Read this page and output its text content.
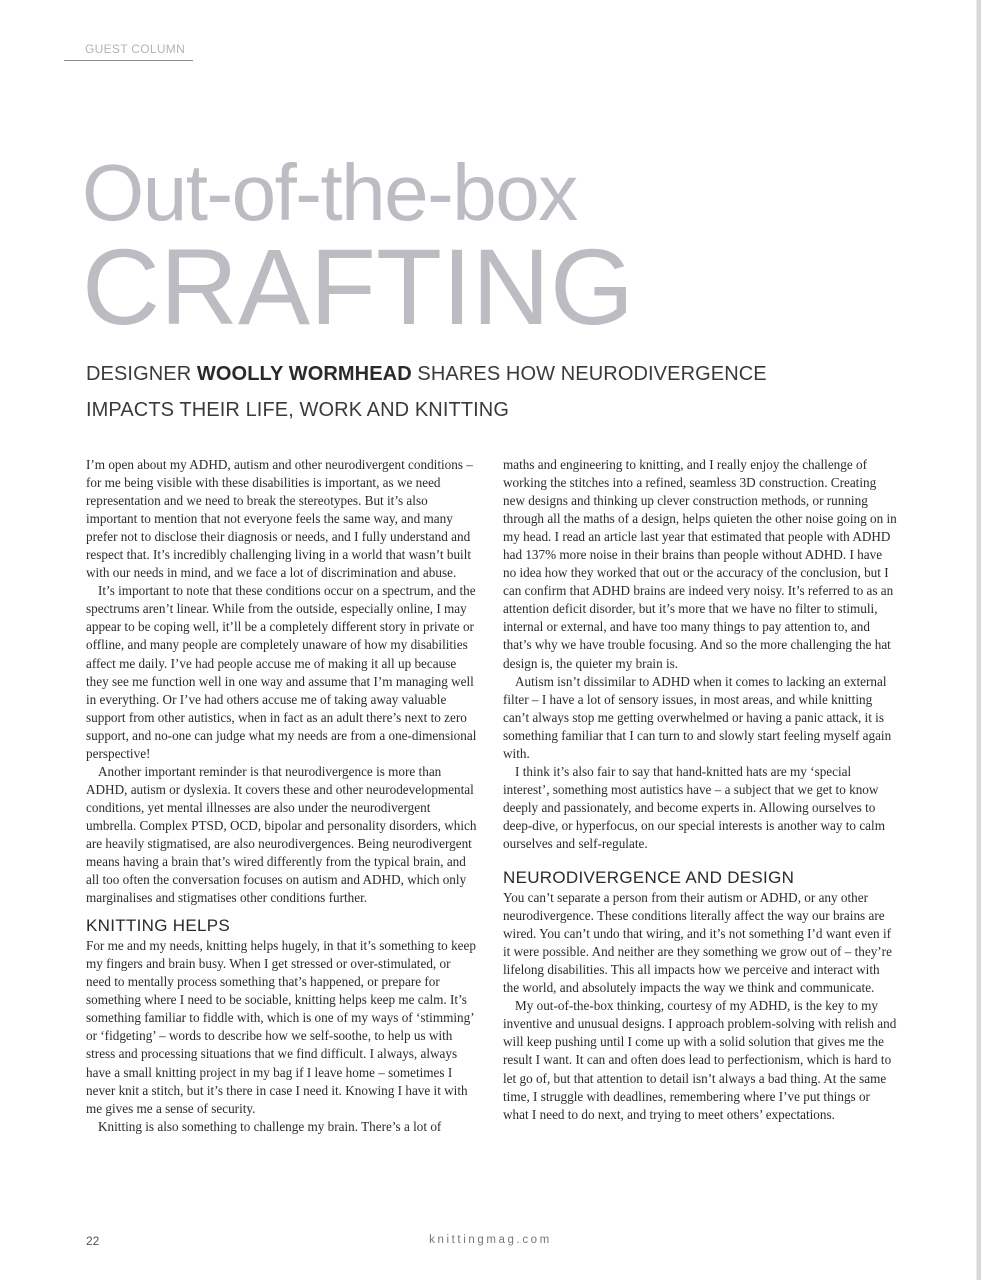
GUEST COLUMN
Out-of-the-box
CRAFTING
DESIGNER WOOLLY WORMHEAD SHARES HOW NEURODIVERGENCE
IMPACTS THEIR LIFE, WORK AND KNITTING

I’m open about my ADHD, autism and other neurodivergent conditions – for me being visible with these disabilities is important, as we need representation and we need to break the stereotypes. But it’s also important to mention that not everyone feels the same way, and many prefer not to disclose their diagnosis or needs, and I fully understand and respect that. It’s incredibly challenging living in a world that wasn’t built with our needs in mind, and we face a lot of discrimination and abuse.

It’s important to note that these conditions occur on a spectrum, and the spectrums aren’t linear. While from the outside, especially online, I may appear to be coping well, it’ll be a completely different story in private or offline, and many people are completely unaware of how my disabilities affect me daily. I’ve had people accuse me of making it all up because they see me function well in one way and assume that I’m managing well in everything. Or I’ve had others accuse me of taking away valuable support from other autistics, when in fact as an adult there’s next to zero support, and no-one can judge what my needs are from a one-dimensional perspective!

Another important reminder is that neurodivergence is more than ADHD, autism or dyslexia. It covers these and other neurodevelopmental conditions, yet mental illnesses are also under the neurodivergent umbrella. Complex PTSD, OCD, bipolar and personality disorders, which are heavily stigmatised, are also neurodivergences. Being neurodivergent means having a brain that’s wired differently from the typical brain, and all too often the conversation focuses on autism and ADHD, which only marginalises and stigmatises other conditions further.

KNITTING HELPS

For me and my needs, knitting helps hugely, in that it’s something to keep my fingers and brain busy. When I get stressed or over-stimulated, or need to mentally process something that’s happened, or prepare for something where I need to be sociable, knitting helps keep me calm. It’s something familiar to fiddle with, which is one of my ways of ‘stimming’ or ‘fidgeting’ – words to describe how we self-soothe, to help us with stress and processing situations that we find difficult. I always, always have a small knitting project in my bag if I leave home – sometimes I never knit a stitch, but it’s there in case I need it. Knowing I have it with me gives me a sense of security.

Knitting is also something to challenge my brain. There’s a lot of

maths and engineering to knitting, and I really enjoy the challenge of working the stitches into a refined, seamless 3D construction. Creating new designs and thinking up clever construction methods, or running through all the maths of a design, helps quieten the other noise going on in my head. I read an article last year that estimated that people with ADHD had 137% more noise in their brains than people without ADHD. I have no idea how they worked that out or the accuracy of the conclusion, but I can confirm that ADHD brains are indeed very noisy. It’s referred to as an attention deficit disorder, but it’s more that we have no filter to stimuli, internal or external, and have too many things to pay attention to, and that’s why we have trouble focusing. And so the more challenging the hat design is, the quieter my brain is.

Autism isn’t dissimilar to ADHD when it comes to lacking an external filter – I have a lot of sensory issues, in most areas, and while knitting can’t always stop me getting overwhelmed or having a panic attack, it is something familiar that I can turn to and slowly start feeling myself again with.

I think it’s also fair to say that hand-knitted hats are my ‘special interest’, something most autistics have – a subject that we get to know deeply and passionately, and become experts in. Allowing ourselves to deep-dive, or hyperfocus, on our special interests is another way to calm ourselves and self-regulate.

NEURODIVERGENCE AND DESIGN

You can’t separate a person from their autism or ADHD, or any other neurodivergence. These conditions literally affect the way our brains are wired. You can’t undo that wiring, and it’s not something I’d want even if it were possible. And neither are they something we grow out of – they’re lifelong disabilities. This all impacts how we perceive and interact with the world, and absolutely impacts the way we think and communicate.

My out-of-the-box thinking, courtesy of my ADHD, is the key to my inventive and unusual designs. I approach problem-solving with relish and will keep pushing until I come up with a solid solution that gives me the result I want. It can and often does lead to perfectionism, which is hard to let go of, but that attention to detail isn’t always a bad thing. At the same time, I struggle with deadlines, remembering where I’ve put things or what I need to do next, and trying to meet others’ expectations.

22	knittingmag.com
